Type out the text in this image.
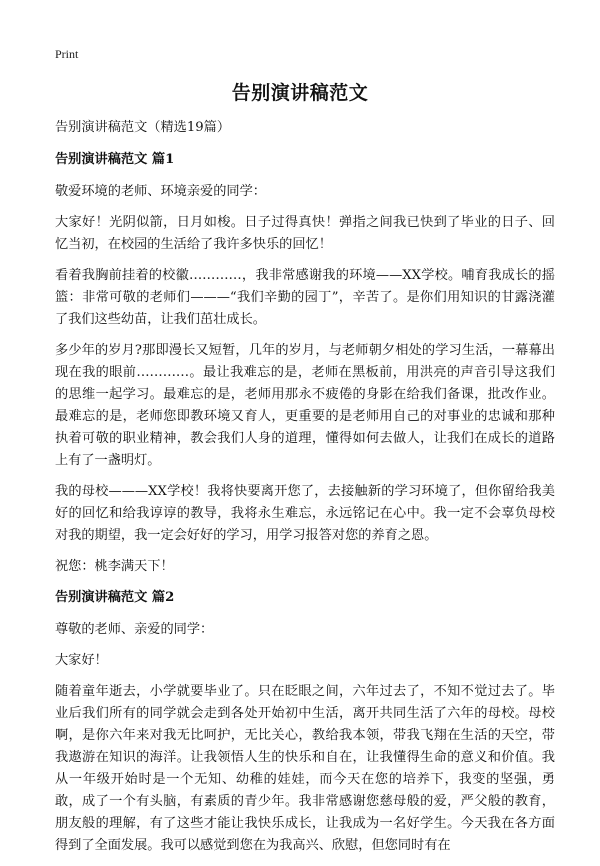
Print
告别演讲稿范文

告别演讲稿范文（精选19篇）

告别演讲稿范文 篇1

敬爱环境的老师、环境亲爱的同学：

大家好！光阴似箭，日月如梭。日子过得真快！弹指之间我已快到了毕业的日子、回忆当初，在校园的生活给了我许多快乐的回忆！

看着我胸前挂着的校徽…………，我非常感谢我的环境——XX学校。哺育我成长的摇篮：非常可敬的老师们———“我们辛勤的园丁”，辛苦了。是你们用知识的甘露浇灌了我们这些幼苗，让我们茁壮成长。

多少年的岁月?那即漫长又短暂，几年的岁月，与老师朝夕相处的学习生活，一幕幕出现在我的眼前…………。最让我难忘的是，老师在黑板前，用洪亮的声音引导这我们的思维一起学习。最难忘的是，老师用那永不疲倦的身影在给我们备课，批改作业。最难忘的是，老师您即教环境又育人，更重要的是老师用自己的对事业的忠诚和那种执着可敬的职业精神，教会我们人身的道理，懂得如何去做人，让我们在成长的道路上有了一盏明灯。

我的母校———XX学校！我将快要离开您了，去接触新的学习环境了，但你留给我美好的回忆和给我谆谆的教导，我将永生难忘，永远铭记在心中。我一定不会辜负母校对我的期望，我一定会好好的学习，用学习报答对您的养育之恩。

祝您：桃李满天下！

告别演讲稿范文 篇2

尊敬的老师、亲爱的同学：

大家好！

随着童年逝去，小学就要毕业了。只在眨眼之间，六年过去了，不知不觉过去了。毕业后我们所有的同学就会走到各处开始初中生活，离开共同生活了六年的母校。母校啊，是你六年来对我无比呵护，无比关心，教给我本领，带我飞翔在生活的天空，带我遨游在知识的海洋。让我领悟人生的快乐和自在，让我懂得生命的意义和价值。我从一年级开始时是一个无知、幼稚的娃娃，而今天在您的培养下，我变的坚强，勇敢，成了一个有头脑，有素质的青少年。我非常感谢您慈母般的爱，严父般的教育，朋友般的理解，有了这些才能让我快乐成长，让我成为一名好学生。今天我在各方面得到了全面发展。我可以感觉到您在为我高兴、欣慰，但您同时有在
